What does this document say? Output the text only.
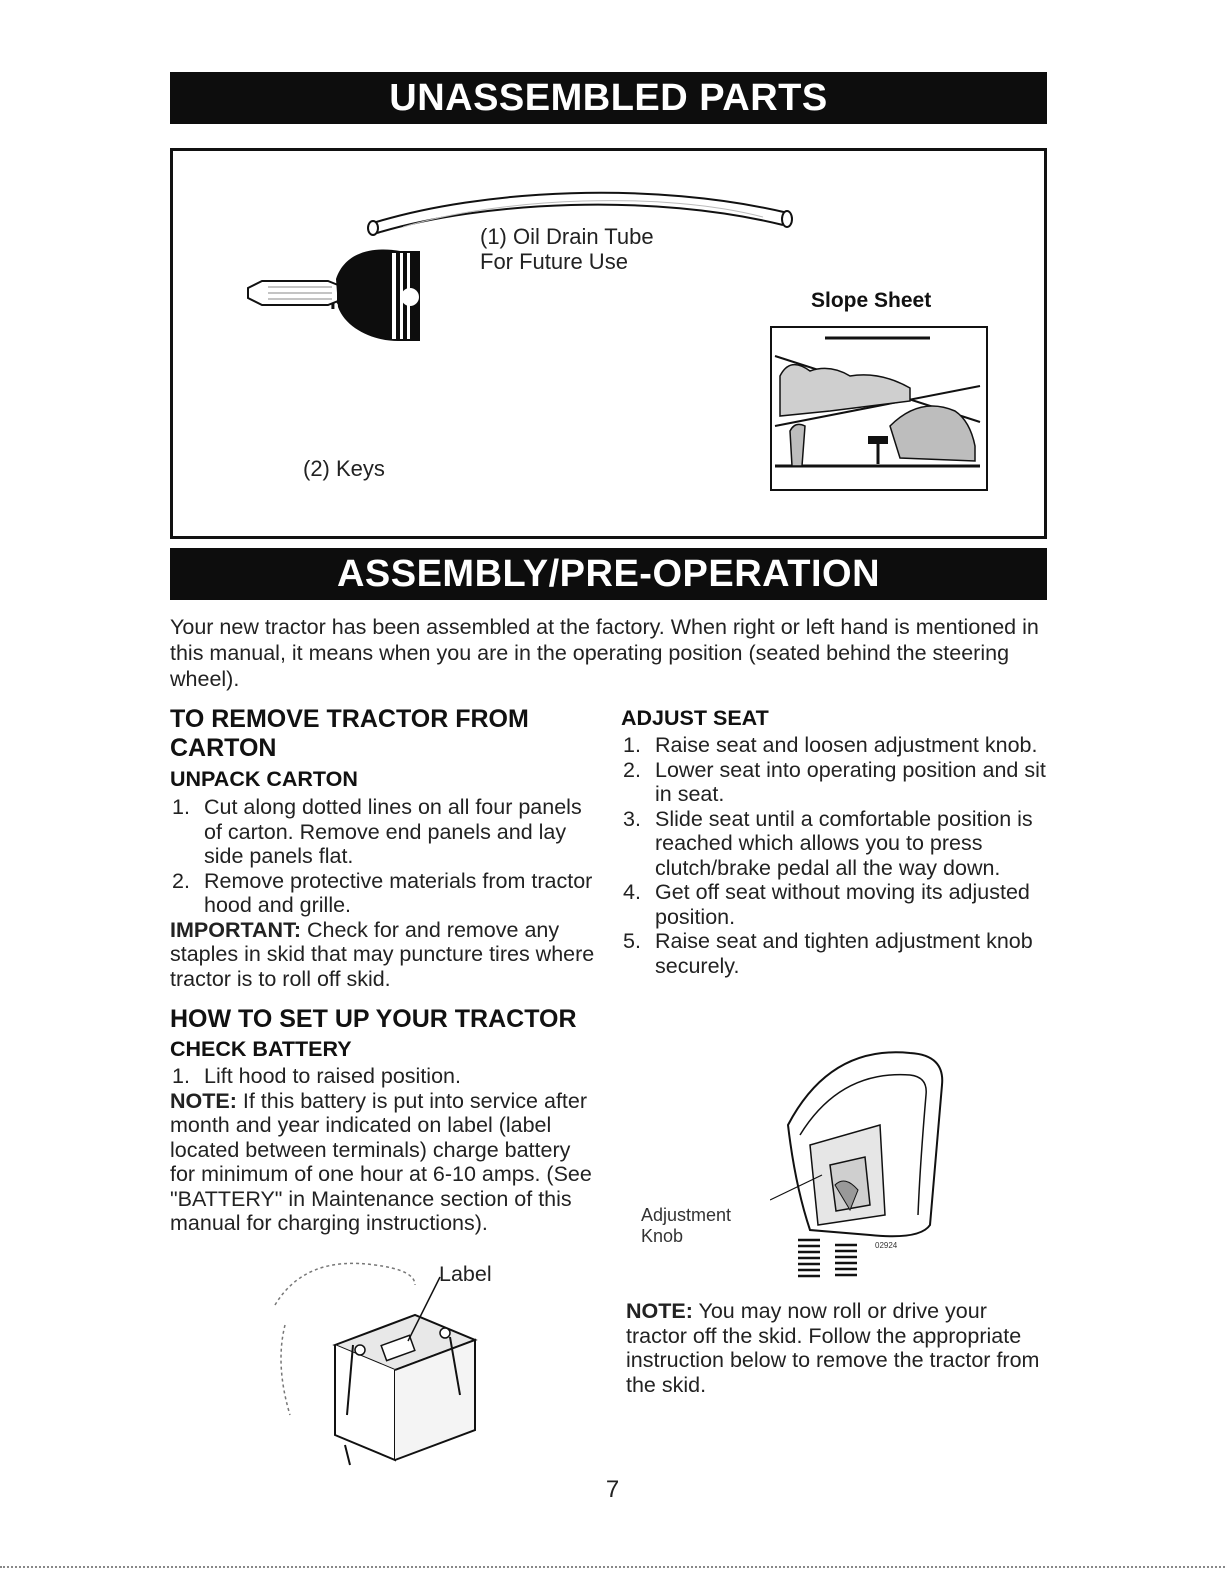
UNASSEMBLED PARTS
(1) Oil Drain Tube
For Future Use
Slope Sheet
(2) Keys
ASSEMBLY/PRE-OPERATION
Your new tractor has been assembled at the factory. When right or left hand is mentioned in this manual, it means when you are in the operating position (seated behind the steering wheel).
TO REMOVE TRACTOR FROM CARTON
UNPACK CARTON
1. Cut along dotted lines on all four panels of carton. Remove end panels and lay side panels flat.
2. Remove protective materials from tractor hood and grille.
IMPORTANT: Check for and remove any staples in skid that may puncture tires where tractor is to roll off skid.
HOW TO SET UP YOUR TRACTOR
CHECK BATTERY
1. Lift hood to raised position.
NOTE: If this battery is put into service after month and year indicated on label (label located between terminals) charge battery for minimum of one hour at 6-10 amps. (See "BATTERY" in Maintenance section of this manual for charging instructions).
Label
ADJUST SEAT
1. Raise seat and loosen adjustment knob.
2. Lower seat into operating position and sit in seat.
3. Slide seat until a comfortable position is reached which allows you to press clutch/brake pedal all the way down.
4. Get off seat without moving its adjusted position.
5. Raise seat and tighten adjustment knob securely.
02924
Adjustment
Knob
NOTE: You may now roll or drive your tractor off the skid. Follow the appropriate instruction below to remove the tractor from the skid.
7
